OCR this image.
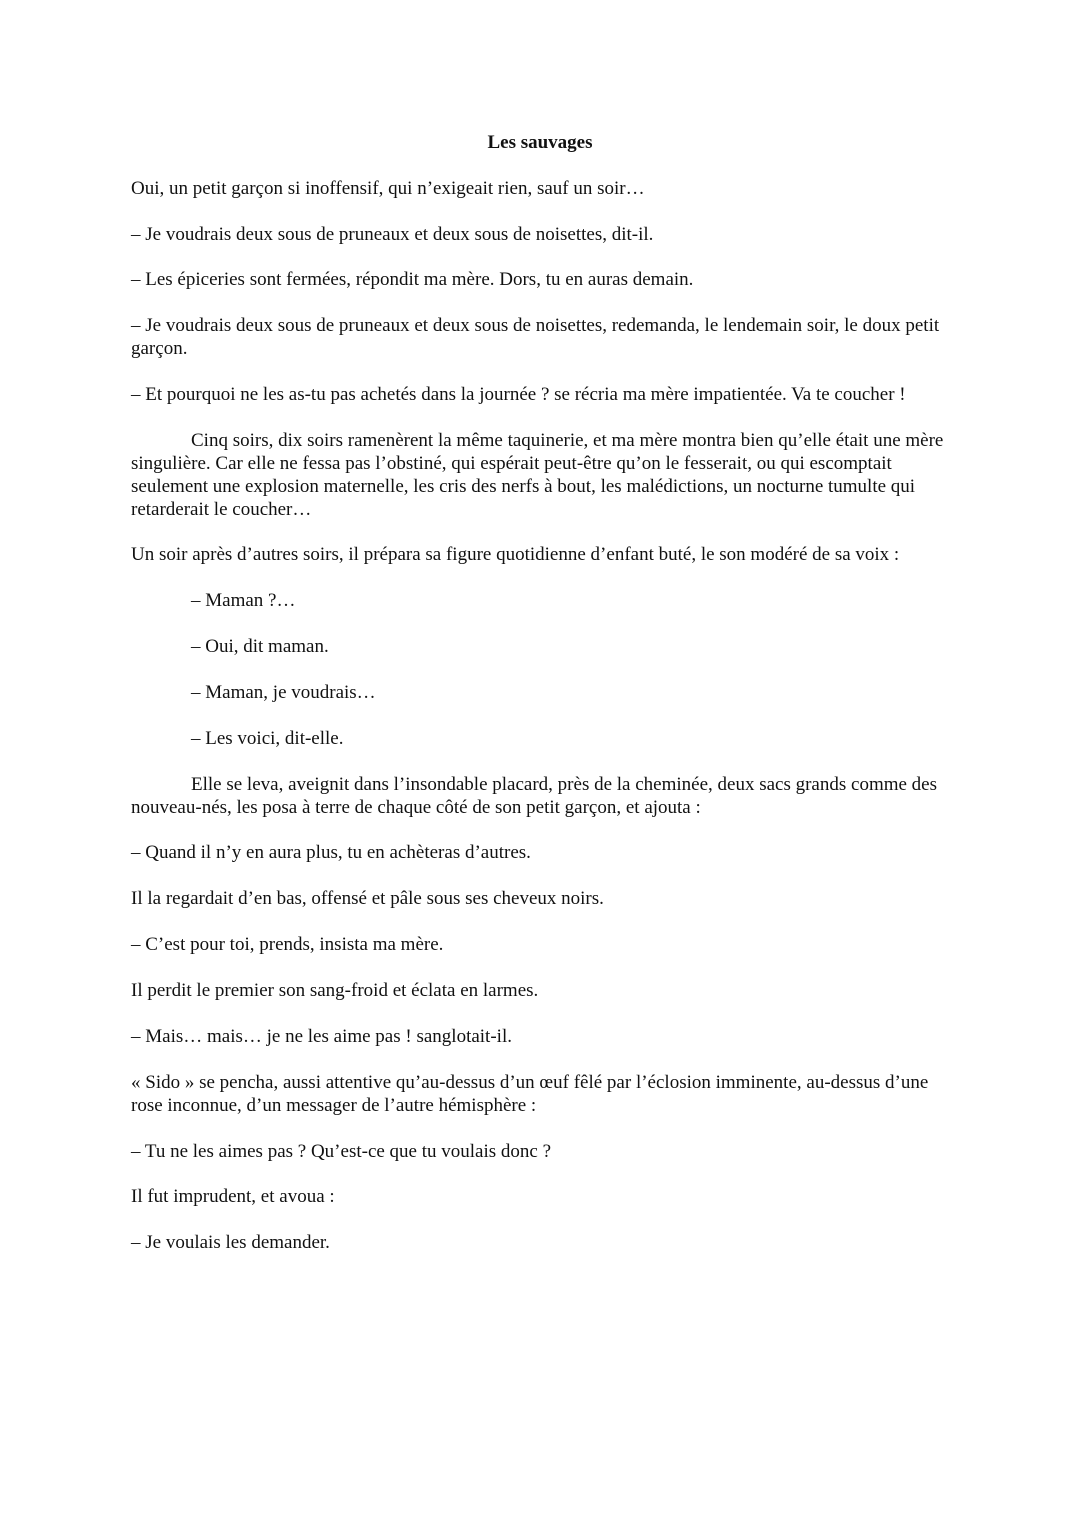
Les sauvages

Oui, un petit garçon si inoffensif, qui n’exigeait rien, sauf un soir…

– Je voudrais deux sous de pruneaux et deux sous de noisettes, dit-il.

– Les épiceries sont fermées, répondit ma mère. Dors, tu en auras demain.

– Je voudrais deux sous de pruneaux et deux sous de noisettes, redemanda, le lendemain soir, le doux petit garçon.

– Et pourquoi ne les as-tu pas achetés dans la journée ? se récria ma mère impatientée. Va te coucher !

Cinq soirs, dix soirs ramenèrent la même taquinerie, et ma mère montra bien qu’elle était une mère singulière. Car elle ne fessa pas l’obstiné, qui espérait peut-être qu’on le fesserait, ou qui escomptait seulement une explosion maternelle, les cris des nerfs à bout, les malédictions, un nocturne tumulte qui retarderait le coucher…

Un soir après d’autres soirs, il prépara sa figure quotidienne d’enfant buté, le son modéré de sa voix :

– Maman ?…

– Oui, dit maman.

– Maman, je voudrais…

– Les voici, dit-elle.

Elle se leva, aveignit dans l’insondable placard, près de la cheminée, deux sacs grands comme des nouveau-nés, les posa à terre de chaque côté de son petit garçon, et ajouta :

– Quand il n’y en aura plus, tu en achèteras d’autres.

Il la regardait d’en bas, offensé et pâle sous ses cheveux noirs.

– C’est pour toi, prends, insista ma mère.

Il perdit le premier son sang-froid et éclata en larmes.

– Mais… mais… je ne les aime pas ! sanglotait-il.

« Sido » se pencha, aussi attentive qu’au-dessus d’un œuf fêlé par l’éclosion imminente, au-dessus d’une rose inconnue, d’un messager de l’autre hémisphère :

– Tu ne les aimes pas ? Qu’est-ce que tu voulais donc ?

Il fut imprudent, et avoua :

– Je voulais les demander.
